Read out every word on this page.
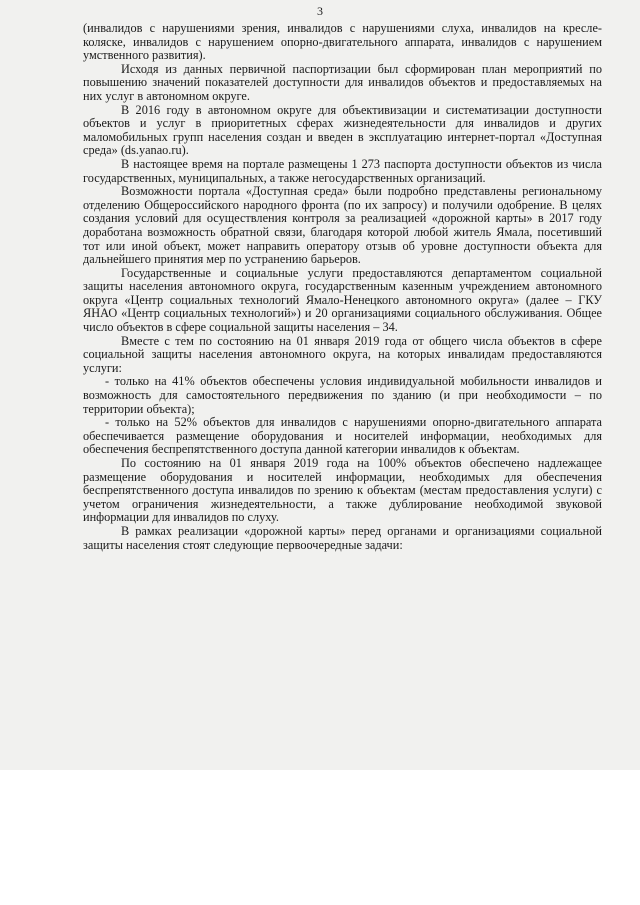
3

(инвалидов с нарушениями зрения, инвалидов с нарушениями слуха, инвалидов на кресле-коляске, инвалидов с нарушением опорно-двигательного аппарата, инвалидов с нарушением умственного развития).

Исходя из данных первичной паспортизации был сформирован план мероприятий по повышению значений показателей доступности для инвалидов объектов и предоставляемых на них услуг в автономном округе.

В 2016 году в автономном округе для объективизации и систематизации доступности объектов и услуг в приоритетных сферах жизнедеятельности для инвалидов и других маломобильных групп населения создан и введен в эксплуатацию интернет-портал «Доступная среда» (ds.yanao.ru).

В настоящее время на портале размещены 1 273 паспорта доступности объектов из числа государственных, муниципальных, а также негосударственных организаций.

Возможности портала «Доступная среда» были подробно представлены региональному отделению Общероссийского народного фронта (по их запросу) и получили одобрение. В целях создания условий для осуществления контроля за реализацией «дорожной карты» в 2017 году доработана возможность обратной связи, благодаря которой любой житель Ямала, посетивший тот или иной объект, может направить оператору отзыв об уровне доступности объекта для дальнейшего принятия мер по устранению барьеров.

Государственные и социальные услуги предоставляются департаментом социальной защиты населения автономного округа, государственным казенным учреждением автономного округа «Центр социальных технологий Ямало-Ненецкого автономного округа» (далее – ГКУ ЯНАО «Центр социальных технологий») и 20 организациями социального обслуживания. Общее число объектов в сфере социальной защиты населения – 34.

Вместе с тем по состоянию на 01 января 2019 года от общего числа объектов в сфере социальной защиты населения автономного округа, на которых инвалидам предоставляются услуги:

- только на 41% объектов обеспечены условия индивидуальной мобильности инвалидов и возможность для самостоятельного передвижения по зданию (и при необходимости – по территории объекта);

- только на 52% объектов для инвалидов с нарушениями опорно-двигательного аппарата обеспечивается размещение оборудования и носителей информации, необходимых для обеспечения беспрепятственного доступа данной категории инвалидов к объектам.

По состоянию на 01 января 2019 года на 100% объектов обеспечено надлежащее размещение оборудования и носителей информации, необходимых для обеспечения беспрепятственного доступа инвалидов по зрению к объектам (местам предоставления услуги) с учетом ограничения жизнедеятельности, а также дублирование необходимой звуковой информации для инвалидов по слуху.

В рамках реализации «дорожной карты» перед органами и организациями социальной защиты населения стоят следующие первоочередные задачи:
